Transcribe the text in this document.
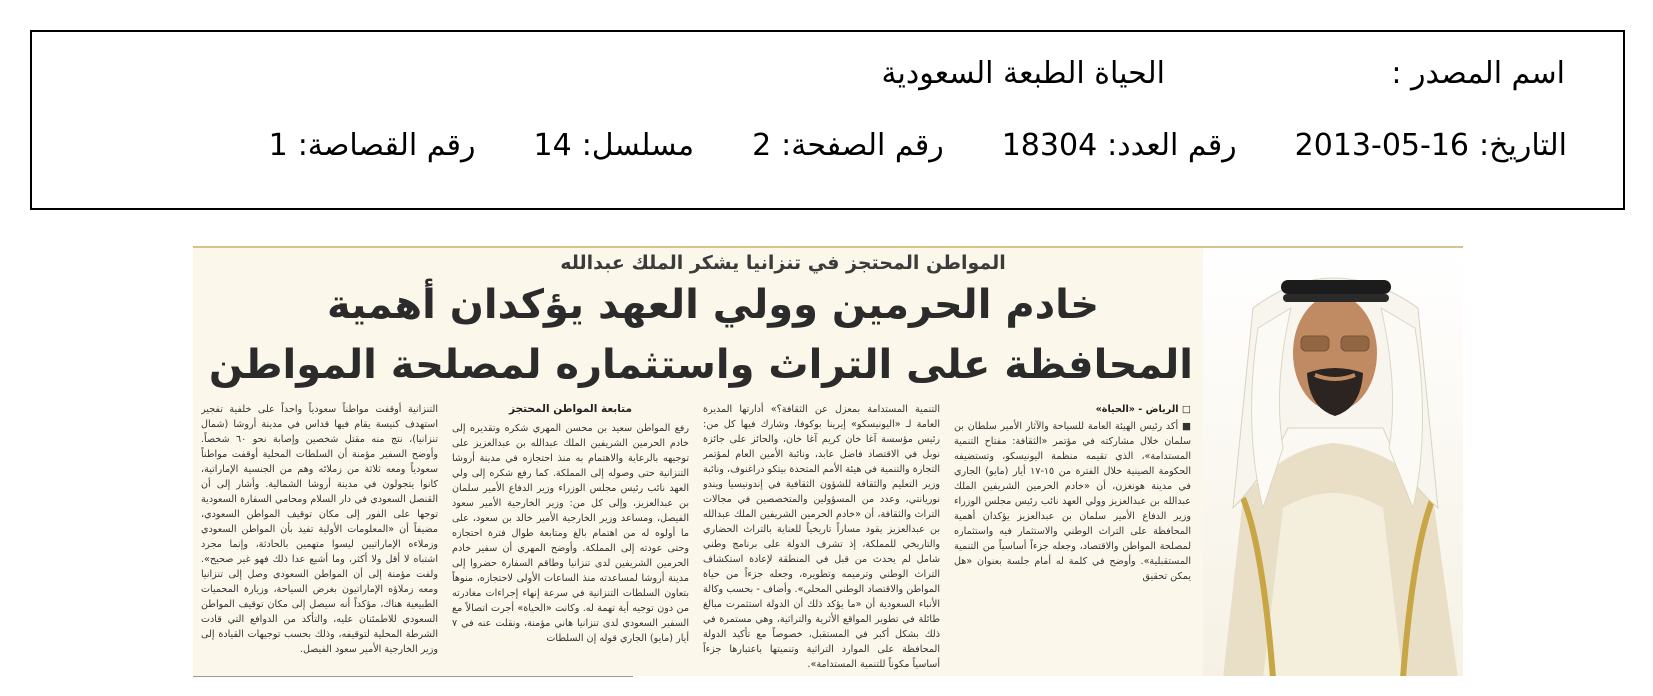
اسم المصدر :
الحياة الطبعة السعودية
التاريخ:2013-05-16
رقم العدد:18304
رقم الصفحة:2
مسلسل:14
رقم القصاصة:1
المواطن المحتجز في تنزانيا يشكر الملك عبدالله
خادم الحرمين وولي العهد يؤكدان أهمية
المحافظة على التراث واستثماره لمصلحة المواطن

□ الرياض - «الحياة»

■ أكد رئيس الهيئة العامة للسياحة والآثار الأمير سلطان بن سلمان خلال مشاركته في مؤتمر «الثقافة: مفتاح التنمية المستدامة»، الذي تقيمه منظمة اليونيسكو، وتستضيفه الحكومة الصينية خلال الفترة من ١٥-١٧ أيار (مايو) الجاري في مدينة هونغزن، أن «خادم الحرمين الشريفين الملك عبدالله بن عبدالعزيز وولي العهد نائب رئيس مجلس الوزراء وزير الدفاع الأمير سلمان بن عبدالعزيز يؤكدان أهمية المحافظة على التراث الوطني والاستثمار فيه واستثماره لمصلحة المواطن والاقتصاد، وجعله جزءاً أساسياً من التنمية المستقبلية». وأوضح في كلمة له أمام جلسة بعنوان «هل يمكن تحقيق

التنمية المستدامة بمعزل عن الثقافة؟» أدارتها المديرة العامة لـ «اليونيسكو» إيرينا بوكوفا، وشارك فيها كل من: رئيس مؤسسة آغا خان كريم آغا خان، والحائز على جائزة نوبل في الاقتصاد فاضل عابد، ونائبة الأمين العام لمؤتمر التجارة والتنمية في هيئة الأمم المتحدة بيتكو دراغنوف، ونائبة وزير التعليم والثقافة للشؤون الثقافية في إندونيسيا ويندو نوريانتي، وعدد من المسؤولين والمتخصصين في مجالات التراث والثقافة، أن «خادم الحرمين الشريفين الملك عبدالله بن عبدالعزيز يقود مساراً تاريخياً للعناية بالتراث الحضاري والتاريخي للمملكة، إذ تشرف الدولة على برنامج وطني شامل لم يحدث من قبل في المنطقة لإعادة استكشاف التراث الوطني وترميمه وتطويره، وجعله جزءاً من حياة المواطن والاقتصاد الوطني المحلي». وأضاف - بحسب وكالة الأنباء السعودية أن «ما يؤكد ذلك أن الدولة استثمرت مبالغ طائلة في تطوير المواقع الأثرية والتراثية، وهي مستمرة في ذلك بشكل أكبر في المستقبل، خصوصاً مع تأكيد الدولة المحافظة على الموارد التراثية وتنميتها باعتبارها جزءاً أساسياً مكوناً للتنمية المستدامة».

متابعة المواطن المحتجز

رفع المواطن سعيد بن محسن المهري شكره وتقديره إلى خادم الحرمين الشريفين الملك عبدالله بن عبدالعزيز على توجيهه بالرعاية والاهتمام به منذ احتجازه في مدينة أروشا التنزانية حتى وصوله إلى المملكة. كما رفع شكره إلى ولي العهد نائب رئيس مجلس الوزراء وزير الدفاع الأمير سلمان بن عبدالعزيز، وإلى كل من: وزير الخارجية الأمير سعود الفيصل، ومساعد وزير الخارجية الأمير خالد بن سعود، على ما أولوه له من اهتمام بالغ ومتابعة طوال فترة احتجازه وحتى عودته إلى المملكة. وأوضح المهري أن سفير خادم الحرمين الشريفين لدى تنزانيا وطاقم السفارة حضروا إلى مدينة أروشا لمساعدته منذ الساعات الأولى لاحتجازه، منوهاً بتعاون السلطات التنزانية في سرعة إنهاء إجراءات مغادرته من دون توجيه أية تهمة له. وكانت «الحياة» أجرت اتصالاً مع السفير السعودي لدى تنزانيا هاني مؤمنة، ونقلت عنه في ٧ أيار (مايو) الجاري قوله إن السلطات

التنزانية أوقفت مواطناً سعودياً واحداً على خلفية تفجير استهدف كنيسة يقام فيها قداس في مدينة أروشا (شمال تنزانيا)، نتج منه مقتل شخصين وإصابة نحو ٦٠ شخصاً. وأوضح السفير مؤمنة أن السلطات المحلية أوقفت مواطناً سعودياً ومعه ثلاثة من زملائه وهم من الجنسية الإماراتية، كانوا يتجولون في مدينة أروشا الشمالية. وأشار إلى أن القنصل السعودي في دار السلام ومحامي السفارة السعودية توجها على الفور إلى مكان توقيف المواطن السعودي، مضيفاً أن «المعلومات الأولية تفيد بأن المواطن السعودي وزملاءه الإماراتيين ليسوا متهمين بالحادثة، وإنما مجرد اشتباه لا أقل ولا أكثر، وما أشيع عدا ذلك فهو غير صحيح». ولفت مؤمنة إلى أن المواطن السعودي وصل إلى تنزانيا ومعه زملاؤه الإماراتيون بغرض السياحة، وزيارة المحميات الطبيعية هناك، مؤكداً أنه سيصل إلى مكان توقيف المواطن السعودي للاطمئنان عليه، والتأكد من الدوافع التي قادت الشرطة المحلية لتوقيفه، وذلك بحسب توجيهات القيادة إلى وزير الخارجية الأمير سعود الفيصل.
